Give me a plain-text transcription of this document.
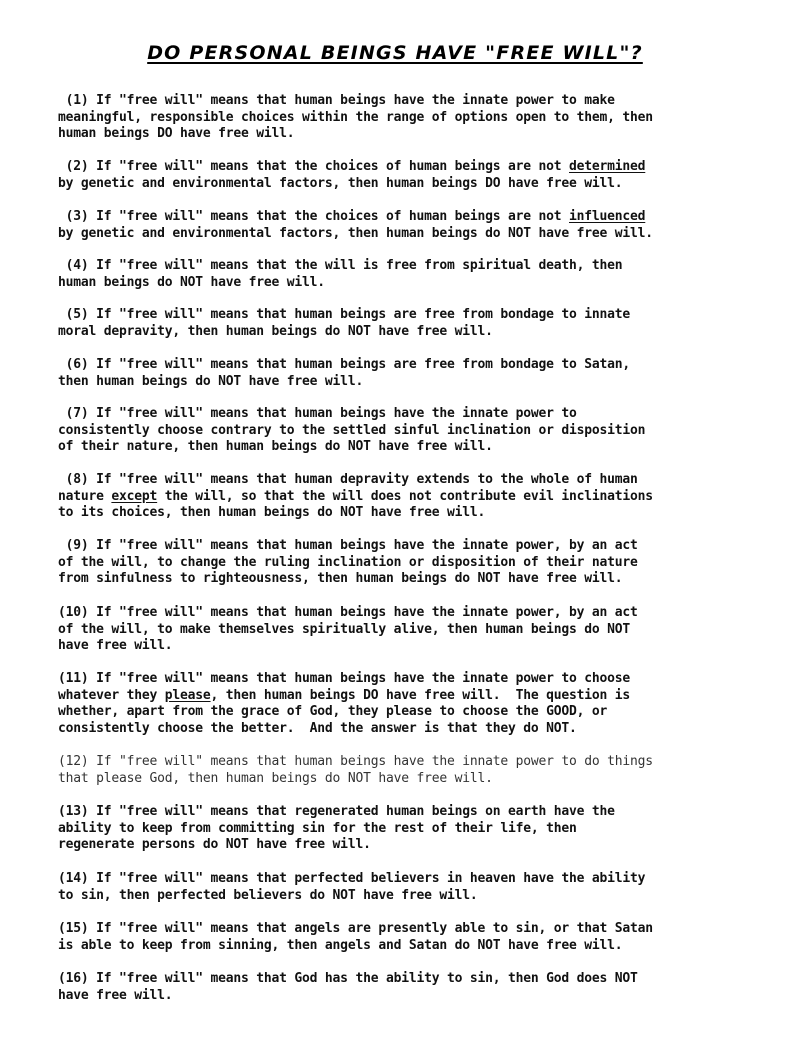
DO PERSONAL BEINGS HAVE "FREE WILL"?
(1) If "free will" means that human beings have the innate power to make
meaningful, responsible choices within the range of options open to them, then
human beings DO have free will.
(2) If "free will" means that the choices of human beings are not determined
by genetic and environmental factors, then human beings DO have free will.
(3) If "free will" means that the choices of human beings are not influenced
by genetic and environmental factors, then human beings do NOT have free will.
(4) If "free will" means that the will is free from spiritual death, then
human beings do NOT have free will.
(5) If "free will" means that human beings are free from bondage to innate
moral depravity, then human beings do NOT have free will.
(6) If "free will" means that human beings are free from bondage to Satan,
then human beings do NOT have free will.
(7) If "free will" means that human beings have the innate power to
consistently choose contrary to the settled sinful inclination or disposition
of their nature, then human beings do NOT have free will.
(8) If "free will" means that human depravity extends to the whole of human
nature except the will, so that the will does not contribute evil inclinations
to its choices, then human beings do NOT have free will.
(9) If "free will" means that human beings have the innate power, by an act
of the will, to change the ruling inclination or disposition of their nature
from sinfulness to righteousness, then human beings do NOT have free will.
(10) If "free will" means that human beings have the innate power, by an act
of the will, to make themselves spiritually alive, then human beings do NOT
have free will.
(11) If "free will" means that human beings have the innate power to choose
whatever they please, then human beings DO have free will.  The question is
whether, apart from the grace of God, they please to choose the GOOD, or
consistently choose the better.  And the answer is that they do NOT.
(12) If "free will" means that human beings have the innate power to do things
that please God, then human beings do NOT have free will.
(13) If "free will" means that regenerated human beings on earth have the
ability to keep from committing sin for the rest of their life, then
regenerate persons do NOT have free will.
(14) If "free will" means that perfected believers in heaven have the ability
to sin, then perfected believers do NOT have free will.
(15) If "free will" means that angels are presently able to sin, or that Satan
is able to keep from sinning, then angels and Satan do NOT have free will.
(16) If "free will" means that God has the ability to sin, then God does NOT
have free will.
